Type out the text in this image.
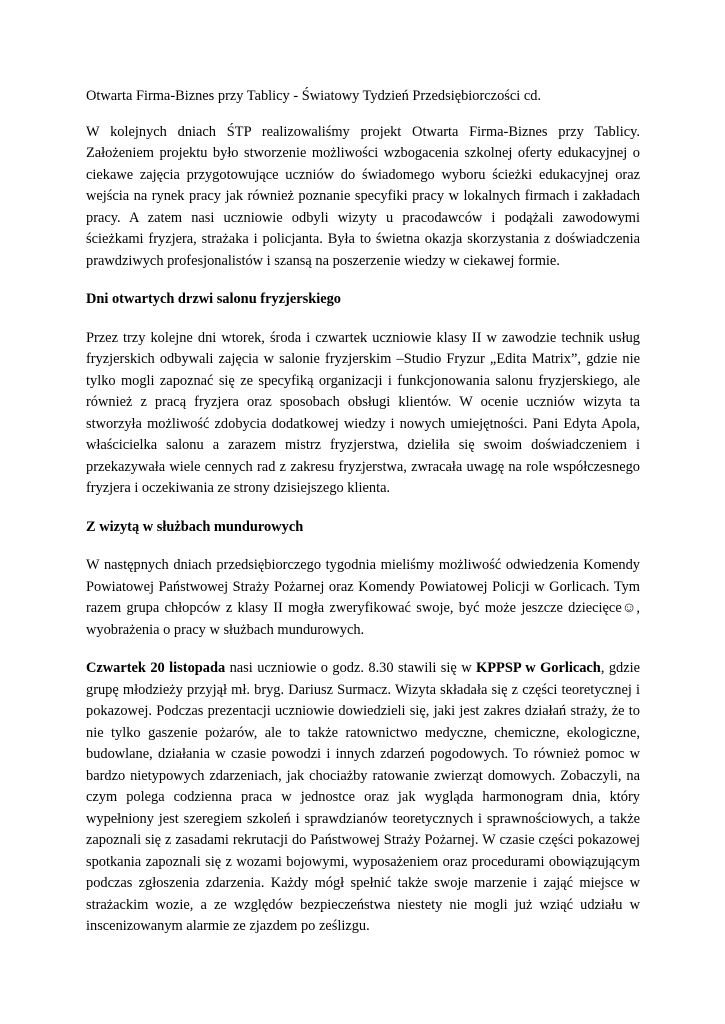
Otwarta Firma-Biznes przy Tablicy - Światowy Tydzień Przedsiębiorczości cd.

W kolejnych dniach ŚTP realizowaliśmy projekt Otwarta Firma-Biznes przy Tablicy. Założeniem projektu było stworzenie możliwości wzbogacenia szkolnej oferty edukacyjnej o ciekawe zajęcia przygotowujące uczniów do świadomego wyboru ścieżki edukacyjnej oraz wejścia na rynek pracy jak również poznanie specyfiki pracy w lokalnych firmach i zakładach pracy. A zatem nasi uczniowie odbyli wizyty u pracodawców i podążali zawodowymi ścieżkami fryzjera, strażaka i policjanta. Była to świetna okazja skorzystania z doświadczenia prawdziwych profesjonalistów i szansą na poszerzenie wiedzy w ciekawej formie.

Dni otwartych drzwi salonu fryzjerskiego

Przez trzy kolejne dni wtorek, środa i czwartek uczniowie klasy II w zawodzie technik usług fryzjerskich odbywali zajęcia w salonie fryzjerskim –Studio Fryzur „Edita Matrix”, gdzie nie tylko mogli zapoznać się ze specyfiką organizacji i funkcjonowania salonu fryzjerskiego, ale również z pracą fryzjera oraz sposobach obsługi klientów. W ocenie uczniów wizyta ta stworzyła możliwość zdobycia dodatkowej wiedzy i nowych umiejętności. Pani Edyta Apola, właścicielka salonu a zarazem mistrz fryzjerstwa, dzieliła się swoim doświadczeniem i przekazywała wiele cennych rad z zakresu fryzjerstwa, zwracała uwagę na role współczesnego fryzjera i oczekiwania ze strony dzisiejszego klienta.

Z wizytą w służbach mundurowych

W następnych dniach przedsiębiorczego tygodnia mieliśmy możliwość odwiedzenia Komendy Powiatowej Państwowej Straży Pożarnej oraz Komendy Powiatowej Policji w Gorlicach. Tym razem grupa chłopców z klasy II mogła zweryfikować swoje, być może jeszcze dziecięce☺, wyobrażenia o pracy w służbach mundurowych.

Czwartek 20 listopada nasi uczniowie o godz. 8.30 stawili się w KPPSP w Gorlicach, gdzie grupę młodzieży przyjął mł. bryg. Dariusz Surmacz. Wizyta składała się z części teoretycznej i pokazowej. Podczas prezentacji uczniowie dowiedzieli się, jaki jest zakres działań straży, że to nie tylko gaszenie pożarów, ale to także ratownictwo medyczne, chemiczne, ekologiczne, budowlane, działania w czasie powodzi i innych zdarzeń pogodowych. To również pomoc w bardzo nietypowych zdarzeniach, jak chociażby ratowanie zwierząt domowych. Zobaczyli, na czym polega codzienna praca w jednostce oraz jak wygląda harmonogram dnia, który wypełniony jest szeregiem szkoleń i sprawdzianów teoretycznych i sprawnościowych, a także zapoznali się z zasadami rekrutacji do Państwowej Straży Pożarnej. W czasie części pokazowej spotkania zapoznali się z wozami bojowymi, wyposażeniem oraz procedurami obowiązującym podczas zgłoszenia zdarzenia. Każdy mógł spełnić także swoje marzenie i zająć miejsce w strażackim wozie, a ze względów bezpieczeństwa niestety nie mogli już wziąć udziału w inscenizowanym alarmie ze zjazdem po ześlizgu.
